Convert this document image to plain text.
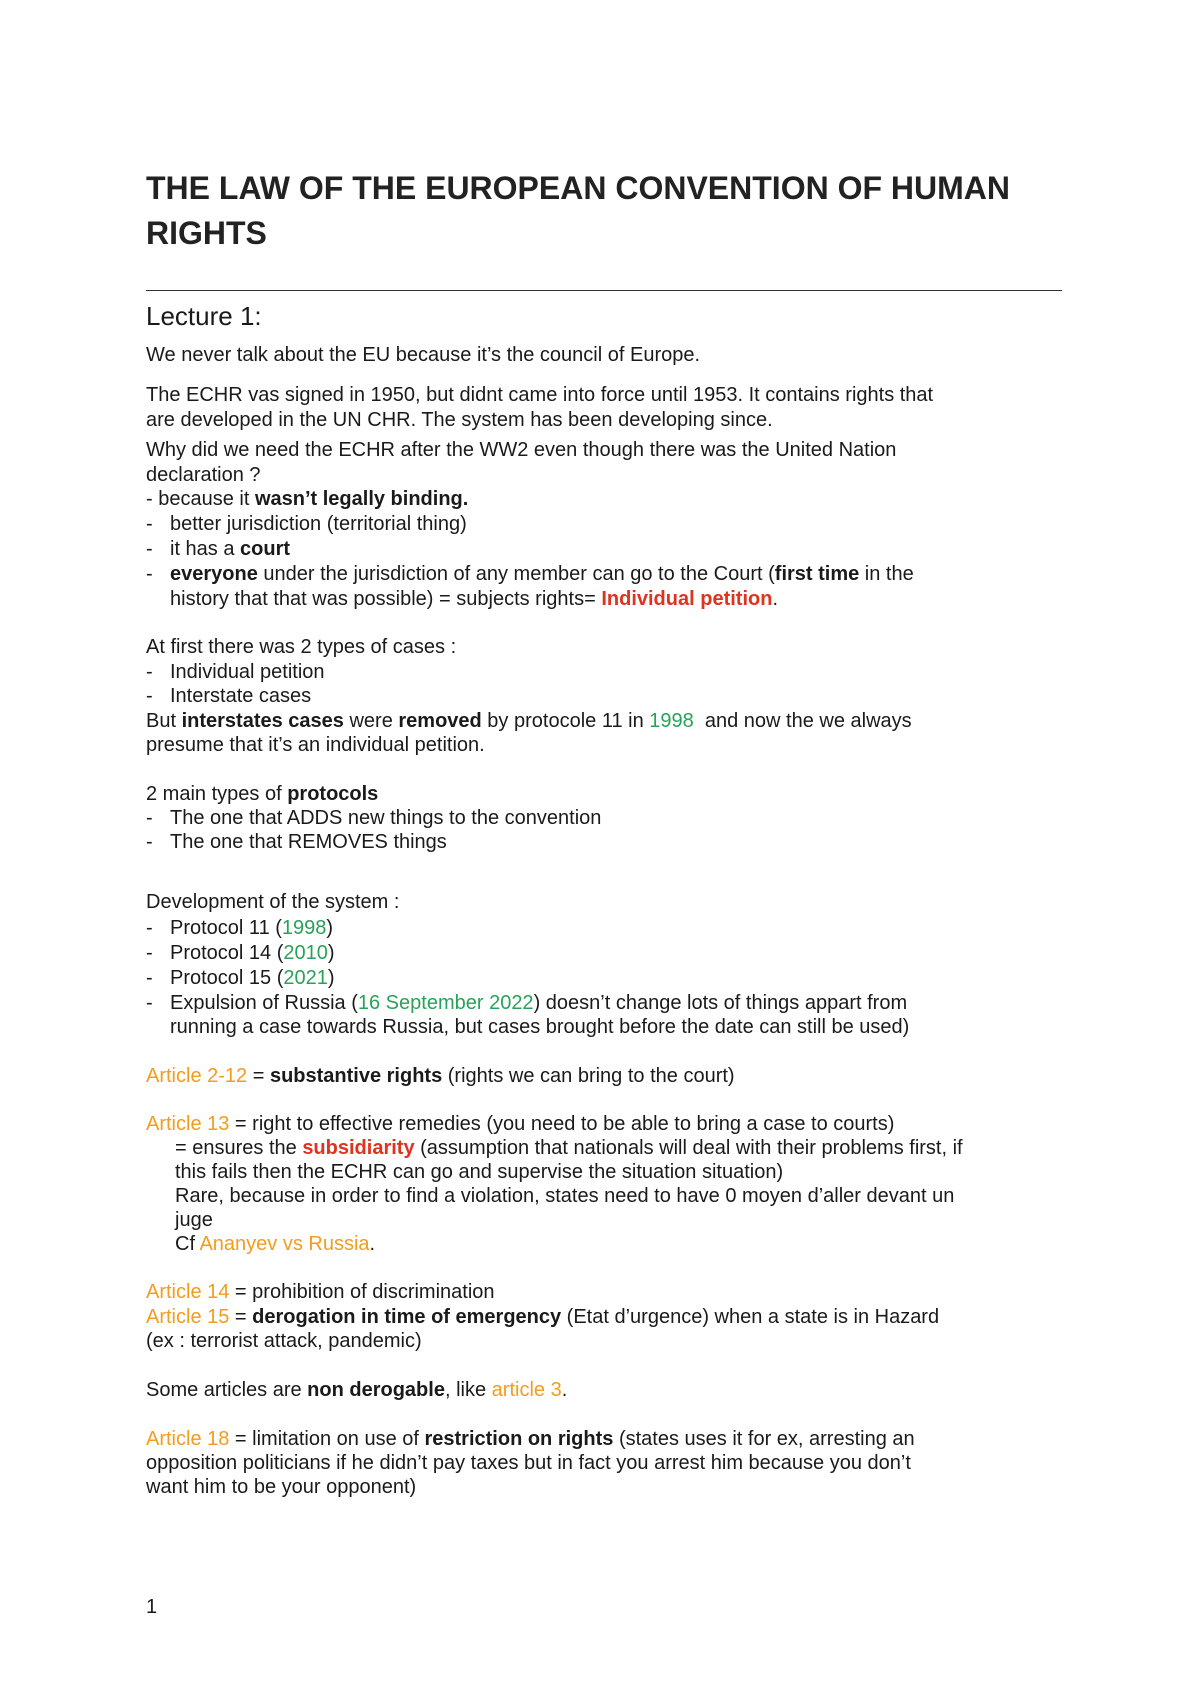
THE LAW OF THE EUROPEAN CONVENTION OF HUMAN RIGHTS
Lecture 1:
We never talk about the EU because it’s the council of Europe.
The ECHR vas signed in 1950, but didnt came into force until 1953. It contains rights that
are developed in the UN CHR. The system has been developing since.
Why did we need the ECHR after the WW2 even though there was the United Nation
declaration ?
- because it wasn’t legally binding.
- better jurisdiction (territorial thing)
- it has a court
- everyone under the jurisdiction of any member can go to the Court (first time in the
history that that was possible) = subjects rights= Individual petition.
At first there was 2 types of cases :
- Individual petition
- Interstate cases
But interstates cases were removed by protocole 11 in 1998  and now the we always
presume that it’s an individual petition.
2 main types of protocols
- The one that ADDS new things to the convention
- The one that REMOVES things
Development of the system :
- Protocol 11 (1998)
- Protocol 14 (2010)
- Protocol 15 (2021)
- Expulsion of Russia (16 September 2022) doesn’t change lots of things appart from
running a case towards Russia, but cases brought before the date can still be used)
Article 2-12 = substantive rights (rights we can bring to the court)
Article 13 = right to effective remedies (you need to be able to bring a case to courts)
= ensures the subsidiarity (assumption that nationals will deal with their problems first, if
this fails then the ECHR can go and supervise the situation situation)
Rare, because in order to find a violation, states need to have 0 moyen d’aller devant un
juge
Cf Ananyev vs Russia.
Article 14 = prohibition of discrimination
Article 15 = derogation in time of emergency (Etat d’urgence) when a state is in Hazard
(ex : terrorist attack, pandemic)
Some articles are non derogable, like article 3.
Article 18 = limitation on use of restriction on rights (states uses it for ex, arresting an
opposition politicians if he didn’t pay taxes but in fact you arrest him because you don’t
want him to be your opponent)
1
